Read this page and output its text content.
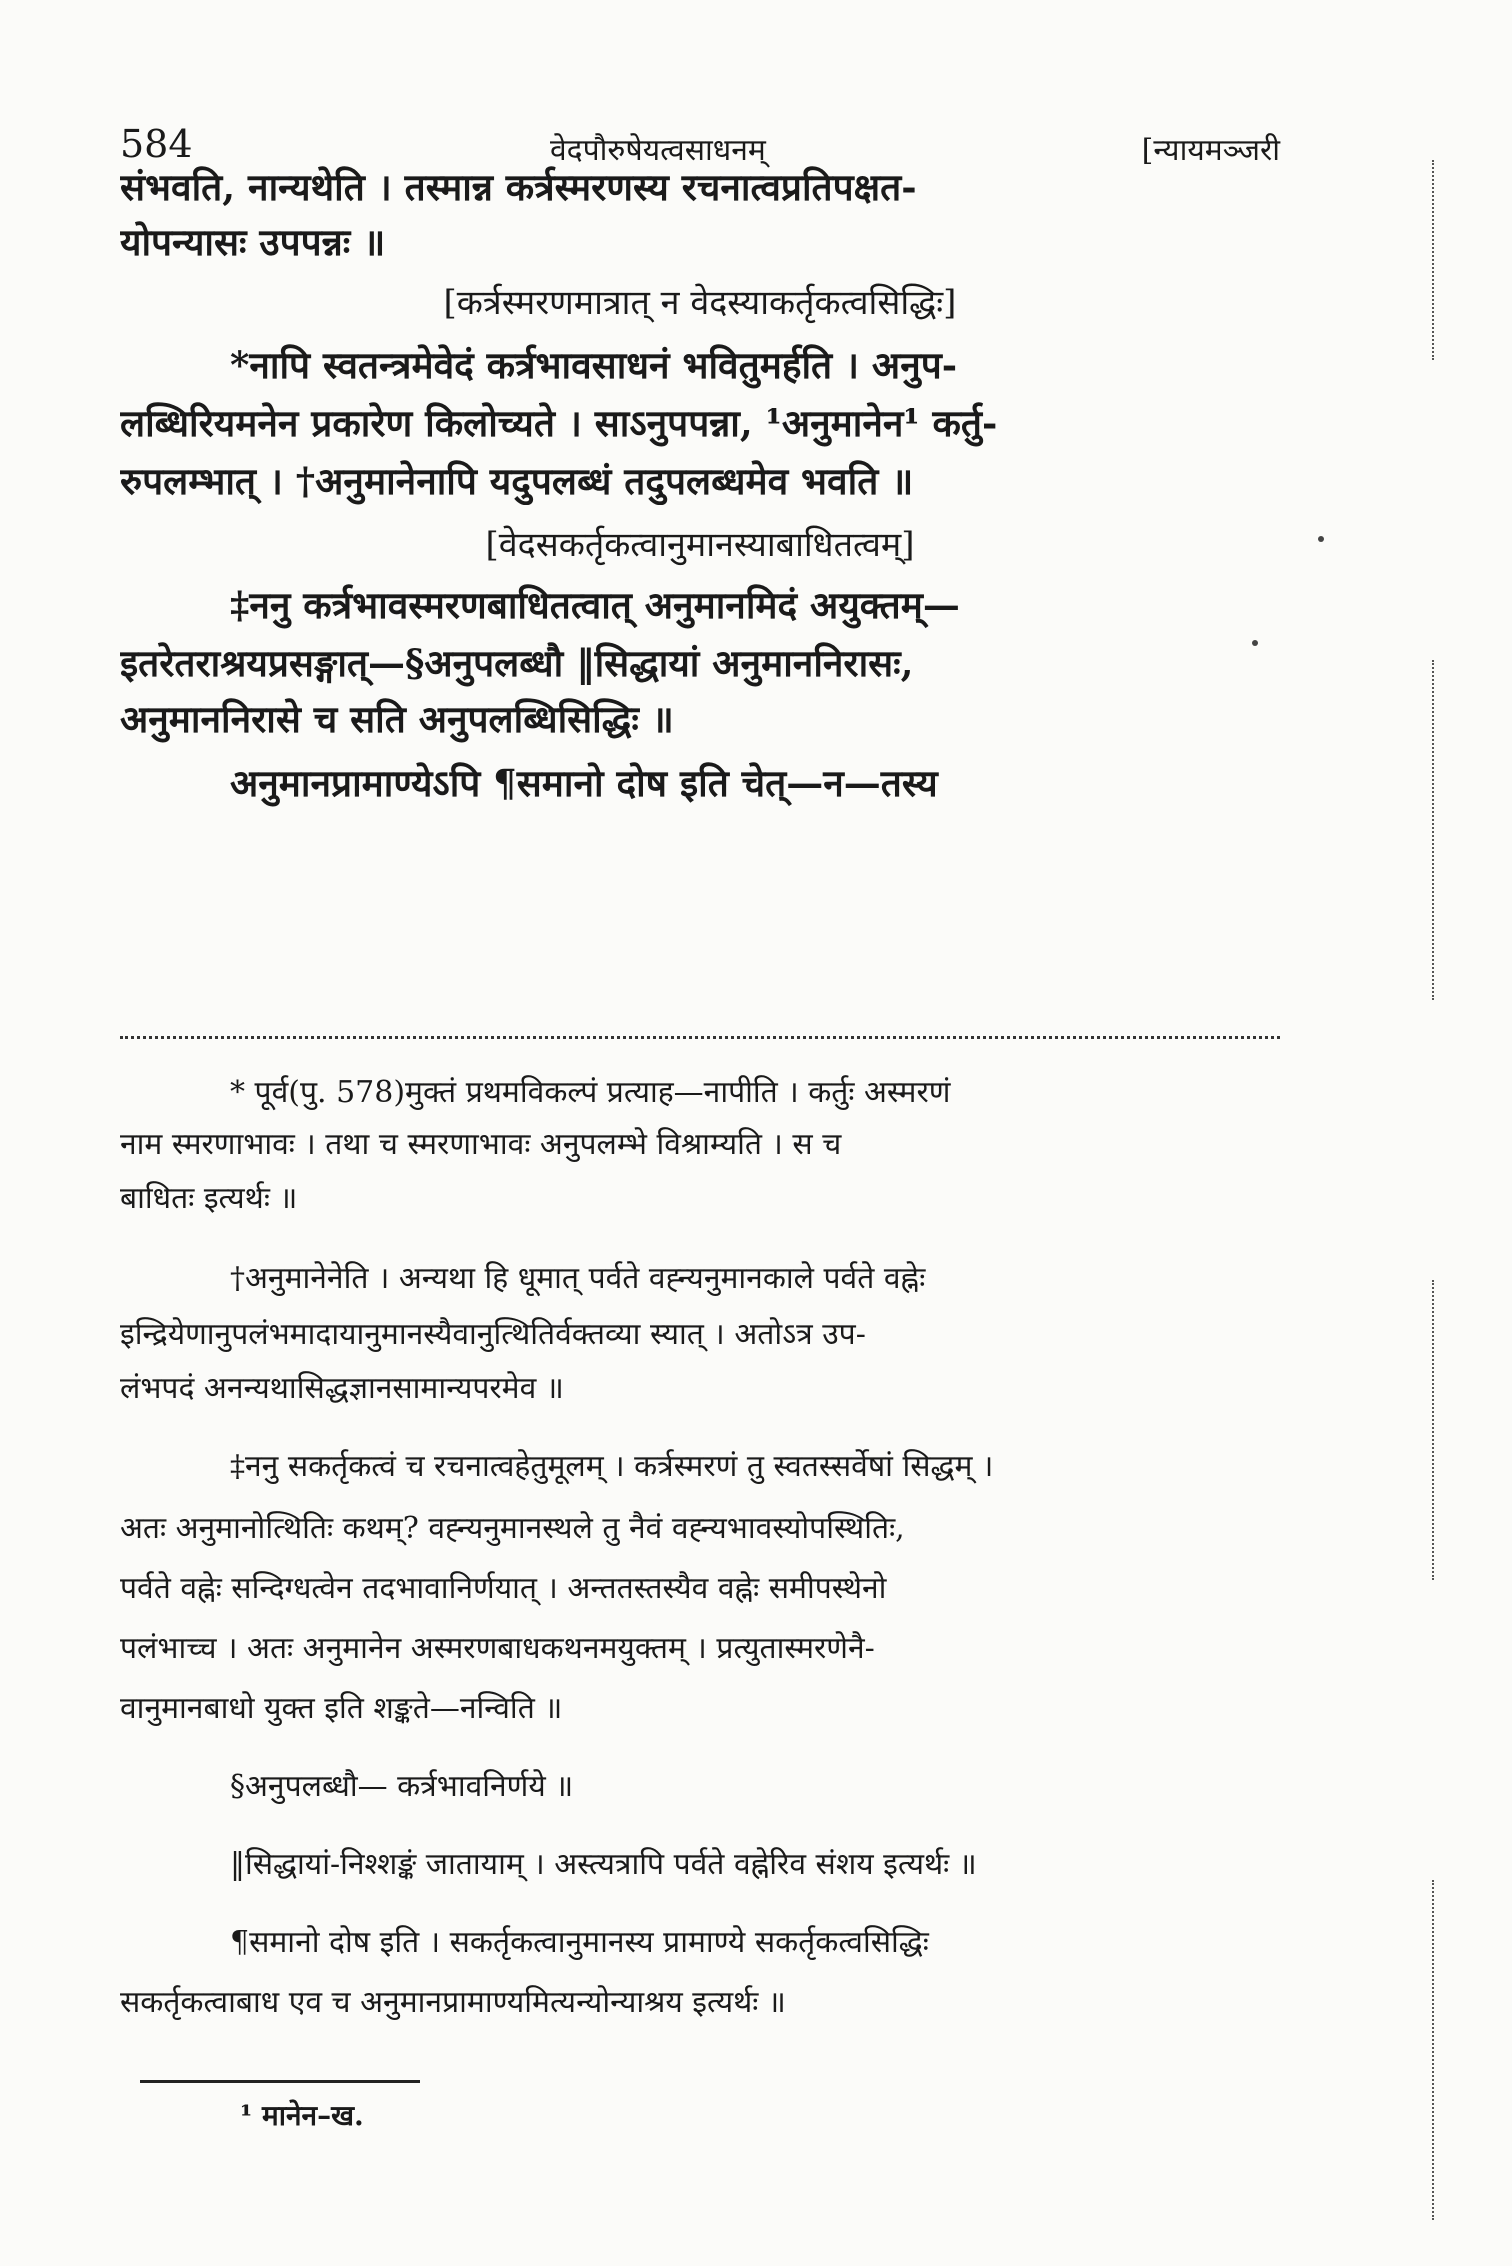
584	वेदपौरुषेयत्वसाधनम्	[न्यायमञ्जरी
संभवति, नान्यथेति । तस्मान्न कर्त्रस्मरणस्य रचनात्वप्रतिपक्षत-
योपन्यासः उपपन्नः ॥
[कर्त्रस्मरणमात्रात् न वेदस्याकर्तृकत्वसिद्धिः]
*नापि स्वतन्त्रमेवेदं कर्त्रभावसाधनं भवितुमर्हति । अनुप-
लब्धिरियमनेन प्रकारेण किलोच्यते । साऽनुपपन्ना, ¹अनुमानेन¹ कर्तु-
रुपलम्भात् । †अनुमानेनापि यदुपलब्धं तदुपलब्धमेव भवति ॥
[वेदसकर्तृकत्वानुमानस्याबाधितत्वम्]
‡ननु कर्त्रभावस्मरणबाधितत्वात् अनुमानमिदं अयुक्तम्—
इतरेतराश्रयप्रसङ्गात्—§अनुपलब्धौ ‖सिद्धायां अनुमाननिरासः,
अनुमाननिरासे च सति अनुपलब्धिसिद्धिः ॥
अनुमानप्रामाण्येऽपि ¶समानो दोष इति चेत्—न—तस्य
* पूर्व(पु. 578)मुक्तं प्रथमविकल्पं प्रत्याह—नापीति । कर्तुः अस्मरणं
नाम स्मरणाभावः । तथा च स्मरणाभावः अनुपलम्भे विश्राम्यति । स च
बाधितः इत्यर्थः ॥
†अनुमानेनेति । अन्यथा हि धूमात् पर्वते वह्न्यनुमानकाले पर्वते वह्नेः
इन्द्रियेणानुपलंभमादायानुमानस्यैवानुत्थितिर्वक्तव्या स्यात् । अतोऽत्र उप-
लंभपदं अनन्यथासिद्धज्ञानसामान्यपरमेव ॥
‡ननु सकर्तृकत्वं च रचनात्वहेतुमूलम् । कर्त्रस्मरणं तु स्वतस्सर्वेषां सिद्धम् ।
अतः अनुमानोत्थितिः कथम्? वह्न्यनुमानस्थले तु नैवं वह्न्यभावस्योपस्थितिः,
पर्वते वह्नेः सन्दिग्धत्वेन तदभावानिर्णयात् । अन्ततस्तस्यैव वह्नेः समीपस्थेनो
पलंभाच्च । अतः अनुमानेन अस्मरणबाधकथनमयुक्तम् । प्रत्युतास्मरणेनै-
वानुमानबाधो युक्त इति शङ्कते—नन्विति ॥
§अनुपलब्धौ— कर्त्रभावनिर्णये ॥
‖सिद्धायां-निश्शङ्कं जातायाम् । अस्त्यत्रापि पर्वते वह्नेरिव संशय इत्यर्थः ॥
¶समानो दोष इति । सकर्तृकत्वानुमानस्य प्रामाण्ये सकर्तृकत्वसिद्धिः
सकर्तृकत्वाबाध एव च अनुमानप्रामाण्यमित्यन्योन्याश्रय इत्यर्थः ॥
¹ मानेन–ख.
